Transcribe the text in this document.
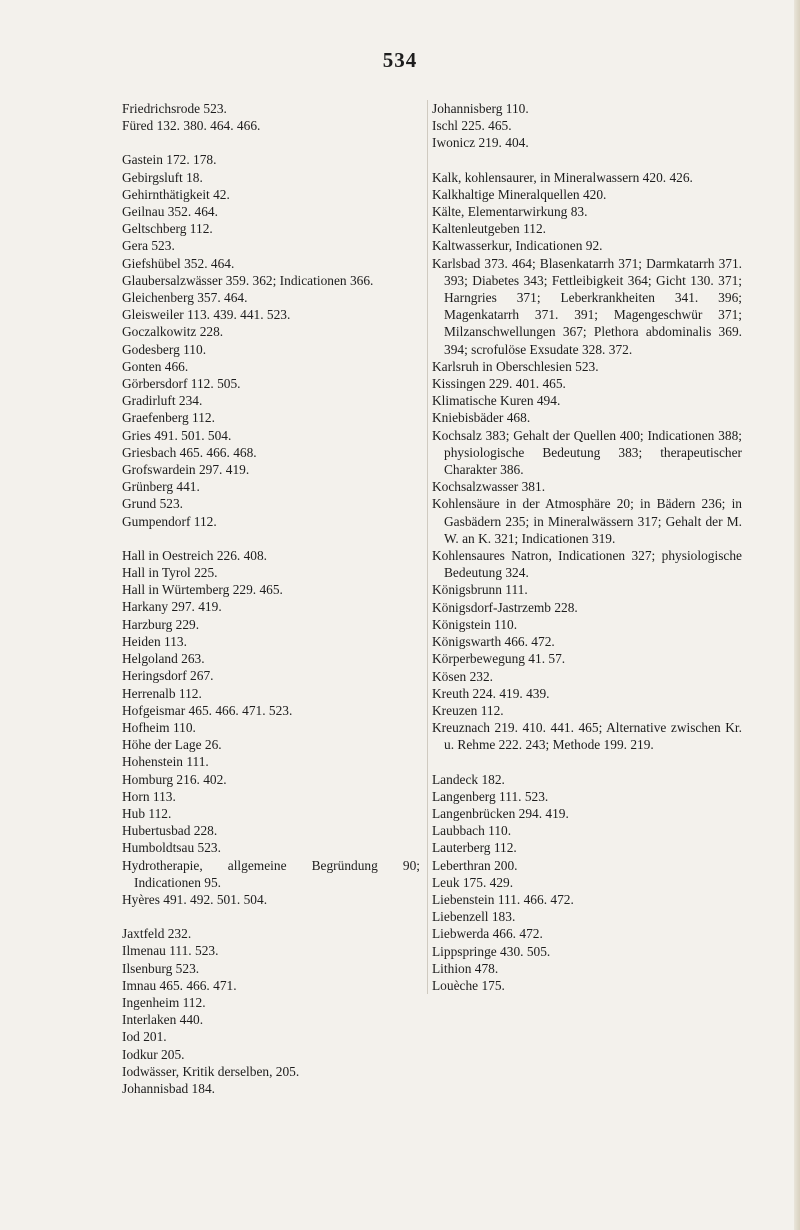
534
Friedrichsrode 523.
Füred 132. 380. 464. 466.
Gastein 172. 178.
Gebirgsluft 18.
Gehirnthätigkeit 42.
Geilnau 352. 464.
Geltschberg 112.
Gera 523.
Giefshübel 352. 464.
Glaubersalzwässer 359. 362; Indicationen 366.
Gleichenberg 357. 464.
Gleisweiler 113. 439. 441. 523.
Goczalkowitz 228.
Godesberg 110.
Gonten 466.
Görbersdorf 112. 505.
Gradirluft 234.
Graefenberg 112.
Gries 491. 501. 504.
Griesbach 465. 466. 468.
Grofswardein 297. 419.
Grünberg 441.
Grund 523.
Gumpendorf 112.
Hall in Oestreich 226. 408.
Hall in Tyrol 225.
Hall in Würtemberg 229. 465.
Harkany 297. 419.
Harzburg 229.
Heiden 113.
Helgoland 263.
Heringsdorf 267.
Herrenalb 112.
Hofgeismar 465. 466. 471. 523.
Hofheim 110.
Höhe der Lage 26.
Hohenstein 111.
Homburg 216. 402.
Horn 113.
Hub 112.
Hubertusbad 228.
Humboldtsau 523.
Hydrotherapie, allgemeine Begründung 90; Indicationen 95.
Hyères 491. 492. 501. 504.
Jaxtfeld 232.
Ilmenau 111. 523.
Ilsenburg 523.
Imnau 465. 466. 471.
Ingenheim 112.
Interlaken 440.
Iod 201.
Iodkur 205.
Iodwässer, Kritik derselben, 205.
Johannisbad 184.
Johannisberg 110.
Ischl 225. 465.
Iwonicz 219. 404.
Kalk, kohlensaurer, in Mineralwassern 420. 426.
Kalkhaltige Mineralquellen 420.
Kälte, Elementarwirkung 83.
Kaltenleutgeben 112.
Kaltwasserkur, Indicationen 92.
Karlsbad 373. 464; Blasenkatarrh 371; Darmkatarrh 371. 393; Diabetes 343; Fettleibigkeit 364; Gicht 130. 371; Harngries 371; Leberkrankheiten 341. 396; Magenkatarrh 371. 391; Magengeschwür 371; Milzanschwellungen 367; Plethora abdominalis 369. 394; scrofulöse Exsudate 328. 372.
Karlsruh in Oberschlesien 523.
Kissingen 229. 401. 465.
Klimatische Kuren 494.
Kniebisbäder 468.
Kochsalz 383; Gehalt der Quellen 400; Indicationen 388; physiologische Bedeutung 383; therapeutischer Charakter 386.
Kochsalzwasser 381.
Kohlensäure in der Atmosphäre 20; in Bädern 236; in Gasbädern 235; in Mineralwässern 317; Gehalt der M. W. an K. 321; Indicationen 319.
Kohlensaures Natron, Indicationen 327; physiologische Bedeutung 324.
Königsbrunn 111.
Königsdorf-Jastrzemb 228.
Königstein 110.
Königswarth 466. 472.
Körperbewegung 41. 57.
Kösen 232.
Kreuth 224. 419. 439.
Kreuzen 112.
Kreuznach 219. 410. 441. 465; Alternative zwischen Kr. u. Rehme 222. 243; Methode 199. 219.
Landeck 182.
Langenberg 111. 523.
Langenbrücken 294. 419.
Laubbach 110.
Lauterberg 112.
Leberthran 200.
Leuk 175. 429.
Liebenstein 111. 466. 472.
Liebenzell 183.
Liebwerda 466. 472.
Lippspringe 430. 505.
Lithion 478.
Louèche 175.
